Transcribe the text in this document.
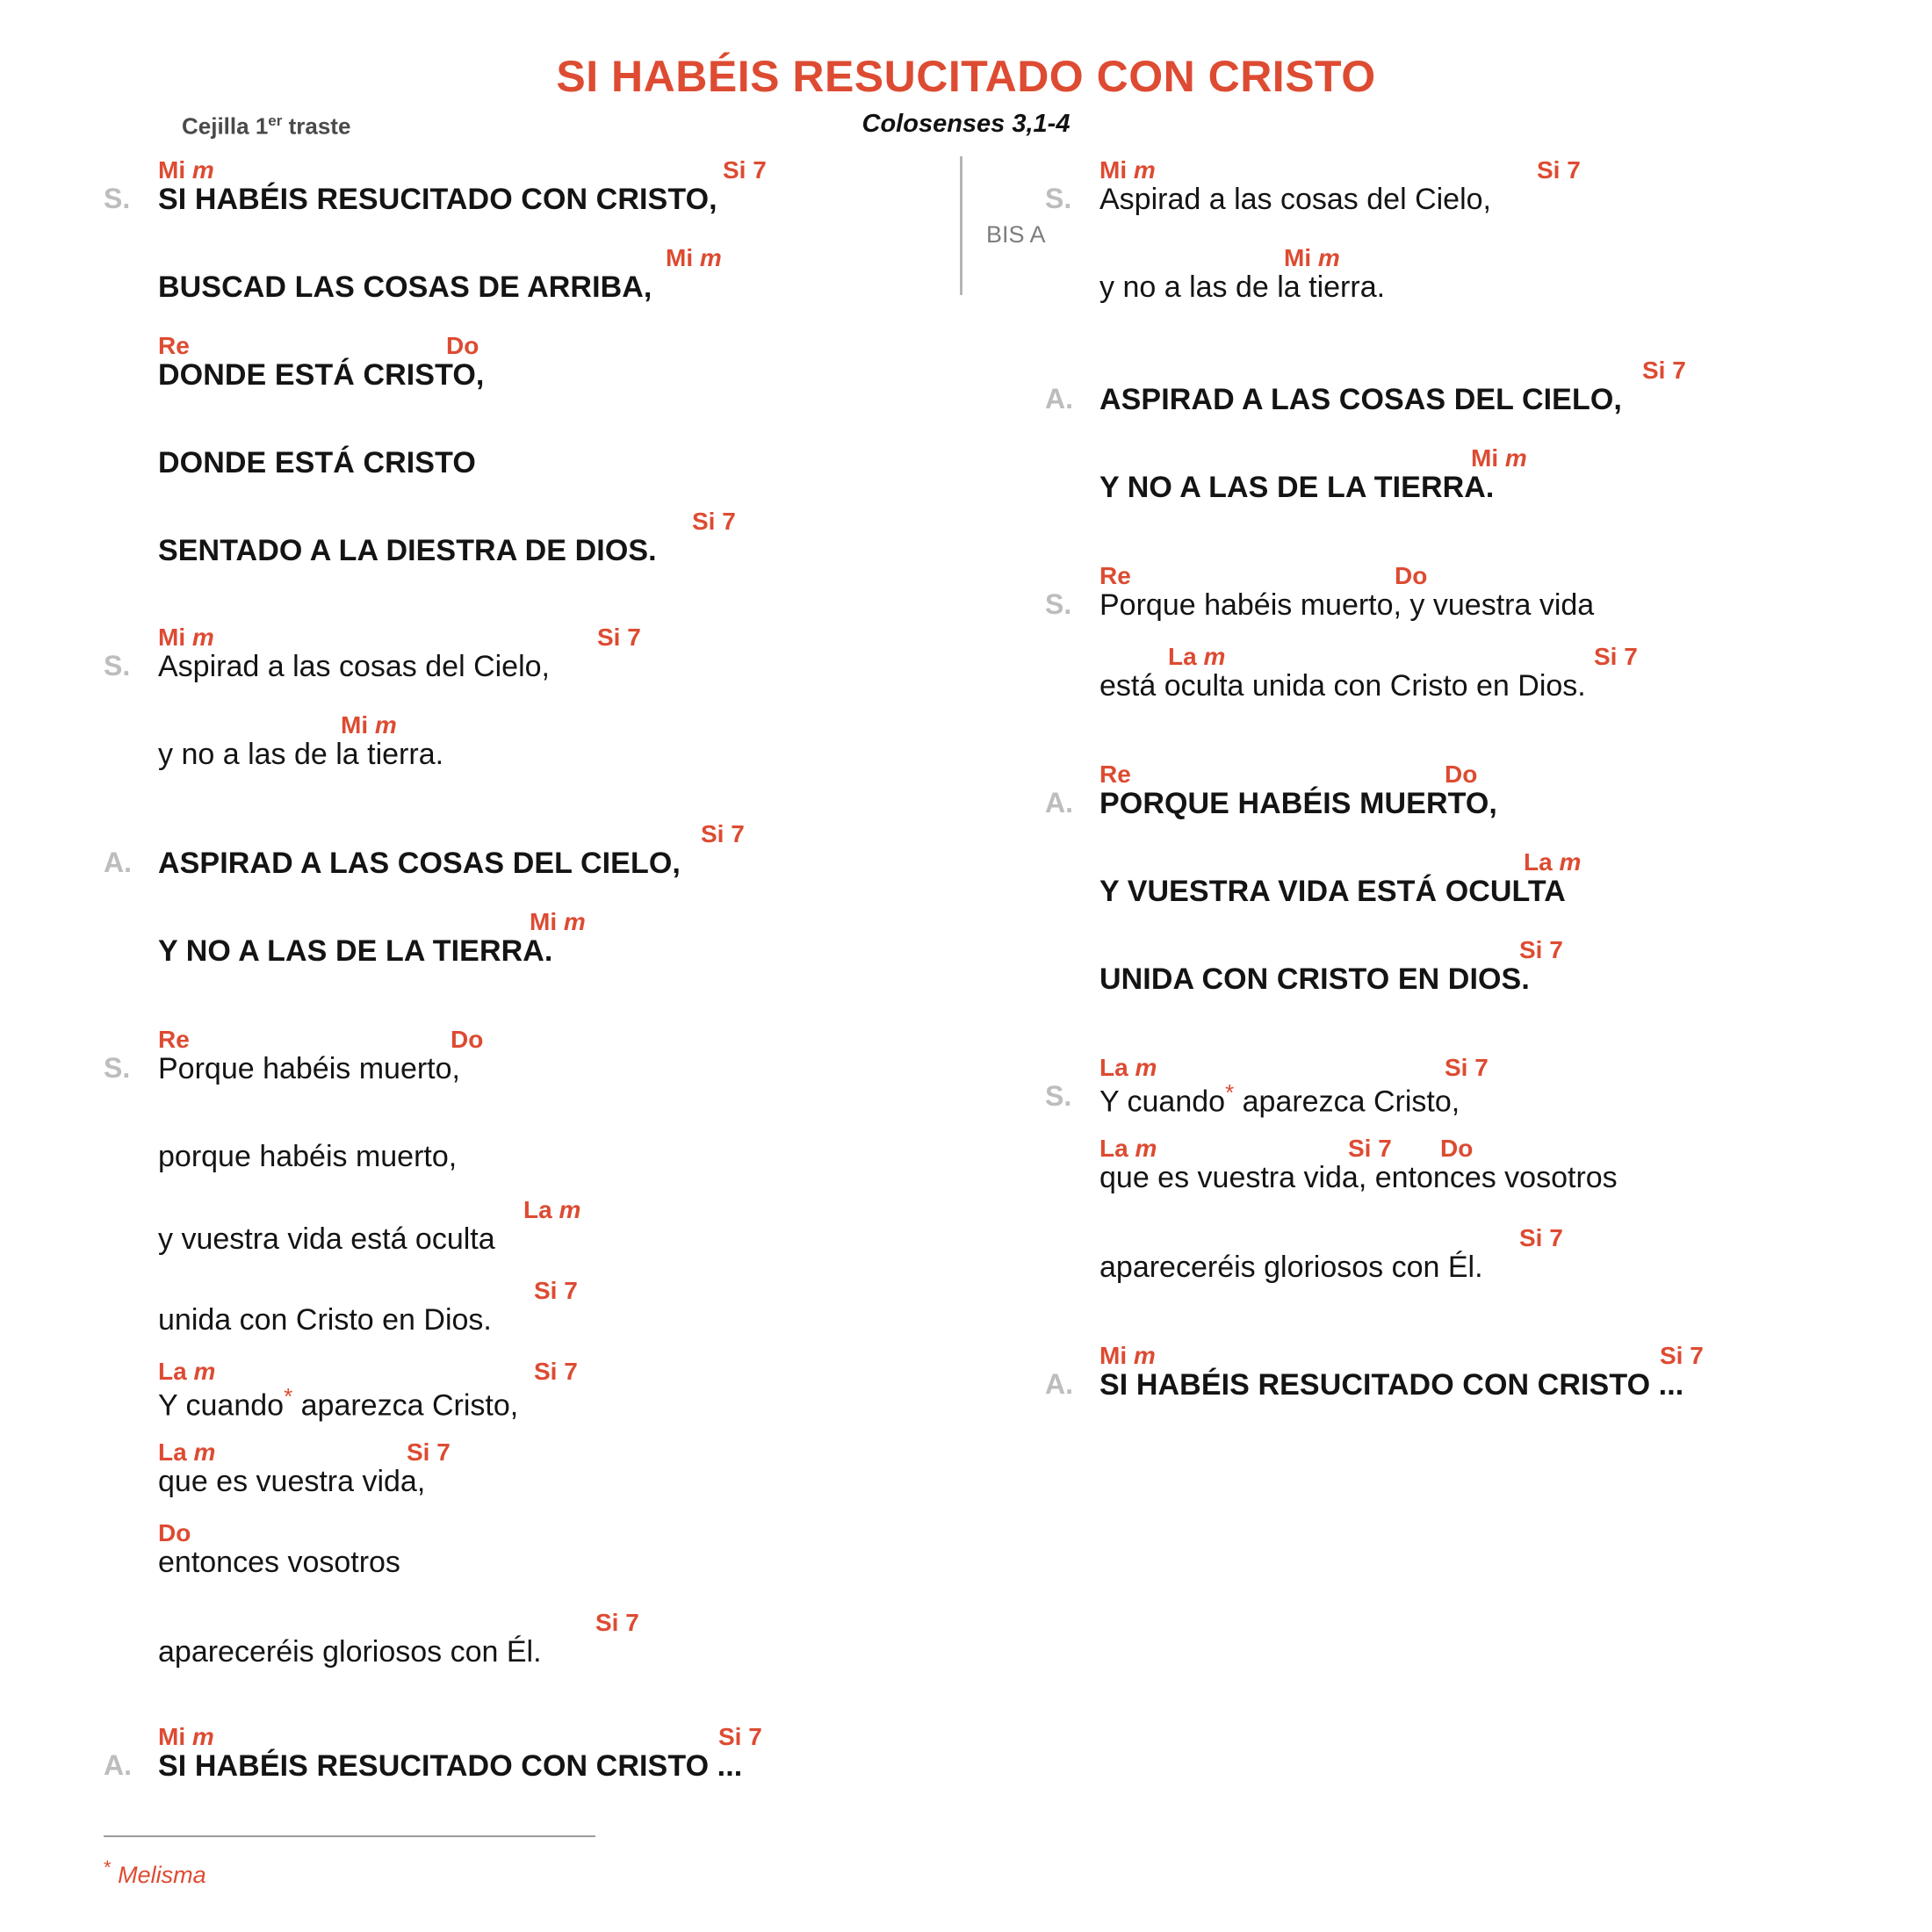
SI HABÉIS RESUCITADO CON CRISTO
Cejilla 1er traste	Colosenses 3,1-4
BIS A
Mi m	Si 7
S. SI HABÉIS RESUCITADO CON CRISTO,
Mi m
BUSCAD LAS COSAS DE ARRIBA,
Re	Do
DONDE ESTÁ CRISTO,
DONDE ESTÁ CRISTO
Si 7
SENTADO A LA DIESTRA DE DIOS.
Mi m	Si 7
S. Aspirad a las cosas del Cielo,
Mi m
y no a las de la tierra.
Si 7
A. ASPIRAD A LAS COSAS DEL CIELO,
Mi m
Y NO A LAS DE LA TIERRA.
Re	Do
S. Porque habéis muerto,
porque habéis muerto,
La m
y vuestra vida está oculta
Si 7
unida con Cristo en Dios.
La m	Si 7
Y cuando* aparezca Cristo,
La m	Si 7
que es vuestra vida,
Do
entonces vosotros
Si 7
apareceréis gloriosos con Él.
Mi m	Si 7
A. SI HABÉIS RESUCITADO CON CRISTO ...
Mi m	Si 7
S. Aspirad a las cosas del Cielo,
Mi m
y no a las de la tierra.
Si 7
A. ASPIRAD A LAS COSAS DEL CIELO,
Mi m
Y NO A LAS DE LA TIERRA.
Re	Do
S. Porque habéis muerto, y vuestra vida
La m	Si 7
está oculta unida con Cristo en Dios.
Re	Do
A. PORQUE HABÉIS MUERTO,
La m
Y VUESTRA VIDA ESTÁ OCULTA
Si 7
UNIDA CON CRISTO EN DIOS.
La m	Si 7
S. Y cuando* aparezca Cristo,
La m	Si 7 Do
que es vuestra vida, entonces vosotros
Si 7
apareceréis gloriosos con Él.
Mi m	Si 7
A. SI HABÉIS RESUCITADO CON CRISTO ...
* Melisma
